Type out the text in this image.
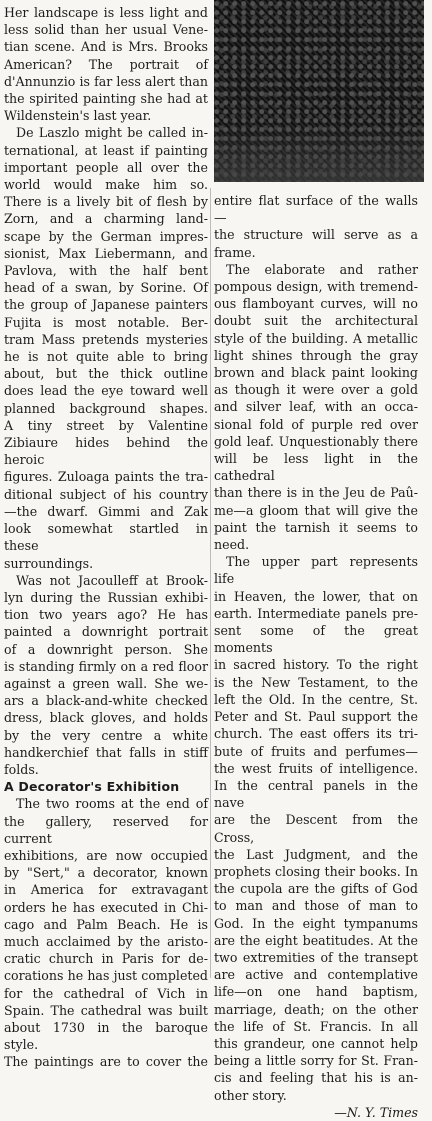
Her landscape is less light and

less solid than her usual Vene-

tian scene. And is Mrs. Brooks

American? The portrait of

d'Annunzio is far less alert than

the spirited painting she had at

Wildenstein's last year.

De Laszlo might be called in-

ternational, at least if painting

important people all over the

world would make him so.

There is a lively bit of flesh by

Zorn, and a charming land-

scape by the German impres-

sionist, Max Liebermann, and

Pavlova, with the half bent

head of a swan, by Sorine. Of

the group of Japanese painters

Fujita is most notable. Ber-

tram Mass pretends mysteries

he is not quite able to bring

about, but the thick outline

does lead the eye toward well

planned background shapes.

A tiny street by Valentine

Zibiaure hides behind the heroic

figures. Zuloaga paints the tra-

ditional subject of his country

—the dwarf. Gimmi and Zak

look somewhat startled in these

surroundings.

Was not Jacoulleff at Brook-

lyn during the Russian exhibi-

tion two years ago? He has

painted a downright portrait

of a downright person. She

is standing firmly on a red floor

against a green wall. She we-

ars a black-and-white checked

dress, black gloves, and holds

by the very centre a white

handkerchief that falls in stiff

folds.

A Decorator's Exhibition

The two rooms at the end of

the gallery, reserved for current

exhibitions, are now occupied

by "Sert," a decorator, known

in America for extravagant

orders he has executed in Chi-

cago and Palm Beach. He is

much acclaimed by the aristo-

cratic church in Paris for de-

corations he has just completed

for the cathedral of Vich in

Spain. The cathedral was built

about 1730 in the baroque style.

The paintings are to cover the

entire flat surface of the walls—

the structure will serve as a

frame.

The elaborate and rather

pompous design, with tremend-

ous flamboyant curves, will no

doubt suit the architectural

style of the building. A metallic

light shines through the gray

brown and black paint looking

as though it were over a gold

and silver leaf, with an occa-

sional fold of purple red over

gold leaf. Unquestionably there

will be less light in the cathedral

than there is in the Jeu de Paû-

me—a gloom that will give the

paint the tarnish it seems to

need.

The upper part represents life

in Heaven, the lower, that on

earth. Intermediate panels pre-

sent some of the great moments

in sacred history. To the right

is the New Testament, to the

left the Old. In the centre, St.

Peter and St. Paul support the

church. The east offers its tri-

bute of fruits and perfumes—

the west fruits of intelligence.

In the central panels in the nave

are the Descent from the Cross,

the Last Judgment, and the

prophets closing their books. In

the cupola are the gifts of God

to man and those of man to

God. In the eight tympanums

are the eight beatitudes. At the

two extremities of the transept

are active and contemplative

life—on one hand baptism,

marriage, death; on the other

the life of St. Francis. In all

this grandeur, one cannot help

being a little sorry for St. Fran-

cis and feeling that his is an-

other story.

—N. Y. Times
